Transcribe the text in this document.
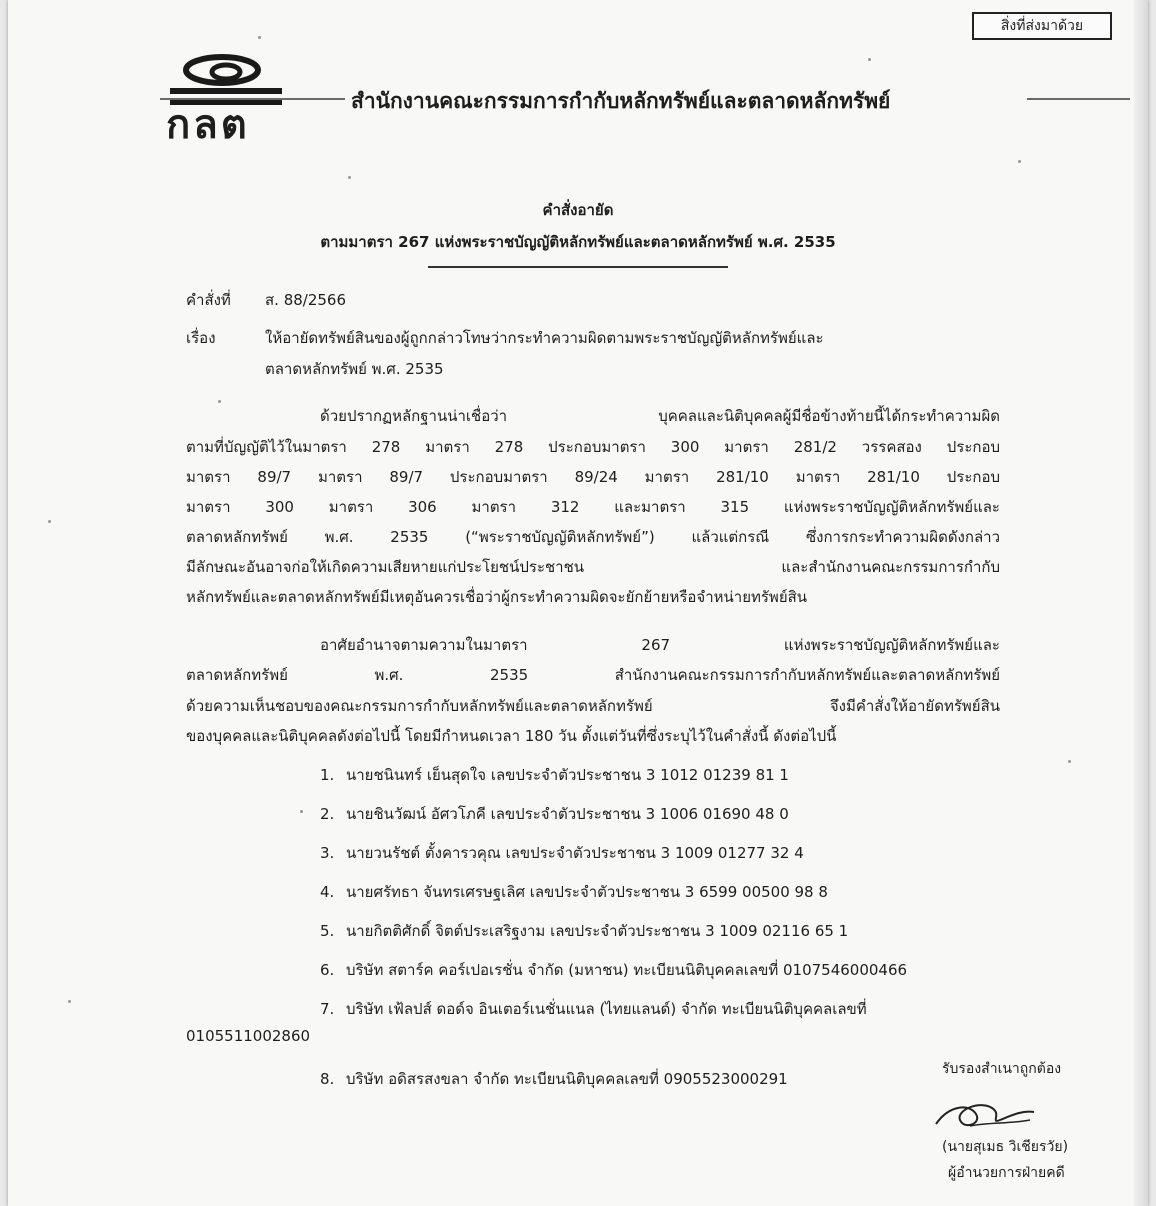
สิ่งที่ส่งมาด้วย
กลต
สำนักงานคณะกรรมการกำกับหลักทรัพย์และตลาดหลักทรัพย์
คำสั่งอายัด
ตามมาตรา 267 แห่งพระราชบัญญัติหลักทรัพย์และตลาดหลักทรัพย์ พ.ศ. 2535
คำสั่งที่ ส. 88/2566
เรื่อง	ให้อายัดทรัพย์สินของผู้ถูกกล่าวโทษว่ากระทำความผิดตามพระราชบัญญัติหลักทรัพย์และ
ตลาดหลักทรัพย์ พ.ศ. 2535
ด้วยปรากฏหลักฐานน่าเชื่อว่า บุคคลและนิติบุคคลผู้มีชื่อข้างท้ายนี้ได้กระทำความผิด
ตามที่บัญญัติไว้ในมาตรา 278 มาตรา 278 ประกอบมาตรา 300 มาตรา 281/2 วรรคสอง ประกอบ
มาตรา 89/7 มาตรา 89/7 ประกอบมาตรา 89/24 มาตรา 281/10 มาตรา 281/10 ประกอบ
มาตรา 300 มาตรา 306 มาตรา 312 และมาตรา 315 แห่งพระราชบัญญัติหลักทรัพย์และ
ตลาดหลักทรัพย์ พ.ศ. 2535 (“พระราชบัญญัติหลักทรัพย์”) แล้วแต่กรณี ซึ่งการกระทำความผิดดังกล่าว
มีลักษณะอันอาจก่อให้เกิดความเสียหายแก่ประโยชน์ประชาชน และสำนักงานคณะกรรมการกำกับ
หลักทรัพย์และตลาดหลักทรัพย์มีเหตุอันควรเชื่อว่าผู้กระทำความผิดจะยักย้ายหรือจำหน่ายทรัพย์สิน
อาศัยอำนาจตามความในมาตรา 267 แห่งพระราชบัญญัติหลักทรัพย์และ
ตลาดหลักทรัพย์ พ.ศ. 2535 สำนักงานคณะกรรมการกำกับหลักทรัพย์และตลาดหลักทรัพย์
ด้วยความเห็นชอบของคณะกรรมการกำกับหลักทรัพย์และตลาดหลักทรัพย์ จึงมีคำสั่งให้อายัดทรัพย์สิน
ของบุคคลและนิติบุคคลดังต่อไปนี้ โดยมีกำหนดเวลา 180 วัน ตั้งแต่วันที่ซึ่งระบุไว้ในคำสั่งนี้ ดังต่อไปนี้
1. นายชนินทร์ เย็นสุดใจ เลขประจำตัวประชาชน 3 1012 01239 81 1
2. นายชินวัฒน์ อัศวโภคี เลขประจำตัวประชาชน 3 1006 01690 48 0
3. นายวนรัชต์ ตั้งคารวคุณ เลขประจำตัวประชาชน 3 1009 01277 32 4
4. นายศรัทธา จันทรเศรษฐเลิศ เลขประจำตัวประชาชน 3 6599 00500 98 8
5. นายกิตติศักดิ์ จิตต์ประเสริฐงาม เลขประจำตัวประชาชน 3 1009 02116 65 1
6. บริษัท สตาร์ค คอร์เปอเรชั่น จำกัด (มหาชน) ทะเบียนนิติบุคคลเลขที่ 0107546000466
7. บริษัท เฟ้ลปส์ ดอด์จ อินเตอร์เนชั่นแนล (ไทยแลนด์) จำกัด ทะเบียนนิติบุคคลเลขที่
0105511002860
8. บริษัท อดิสรสงขลา จำกัด ทะเบียนนิติบุคคลเลขที่ 0905523000291
รับรองสำเนาถูกต้อง
(นายสุเมธ วิเชียรวัย)
ผู้อำนวยการฝ่ายคดี
